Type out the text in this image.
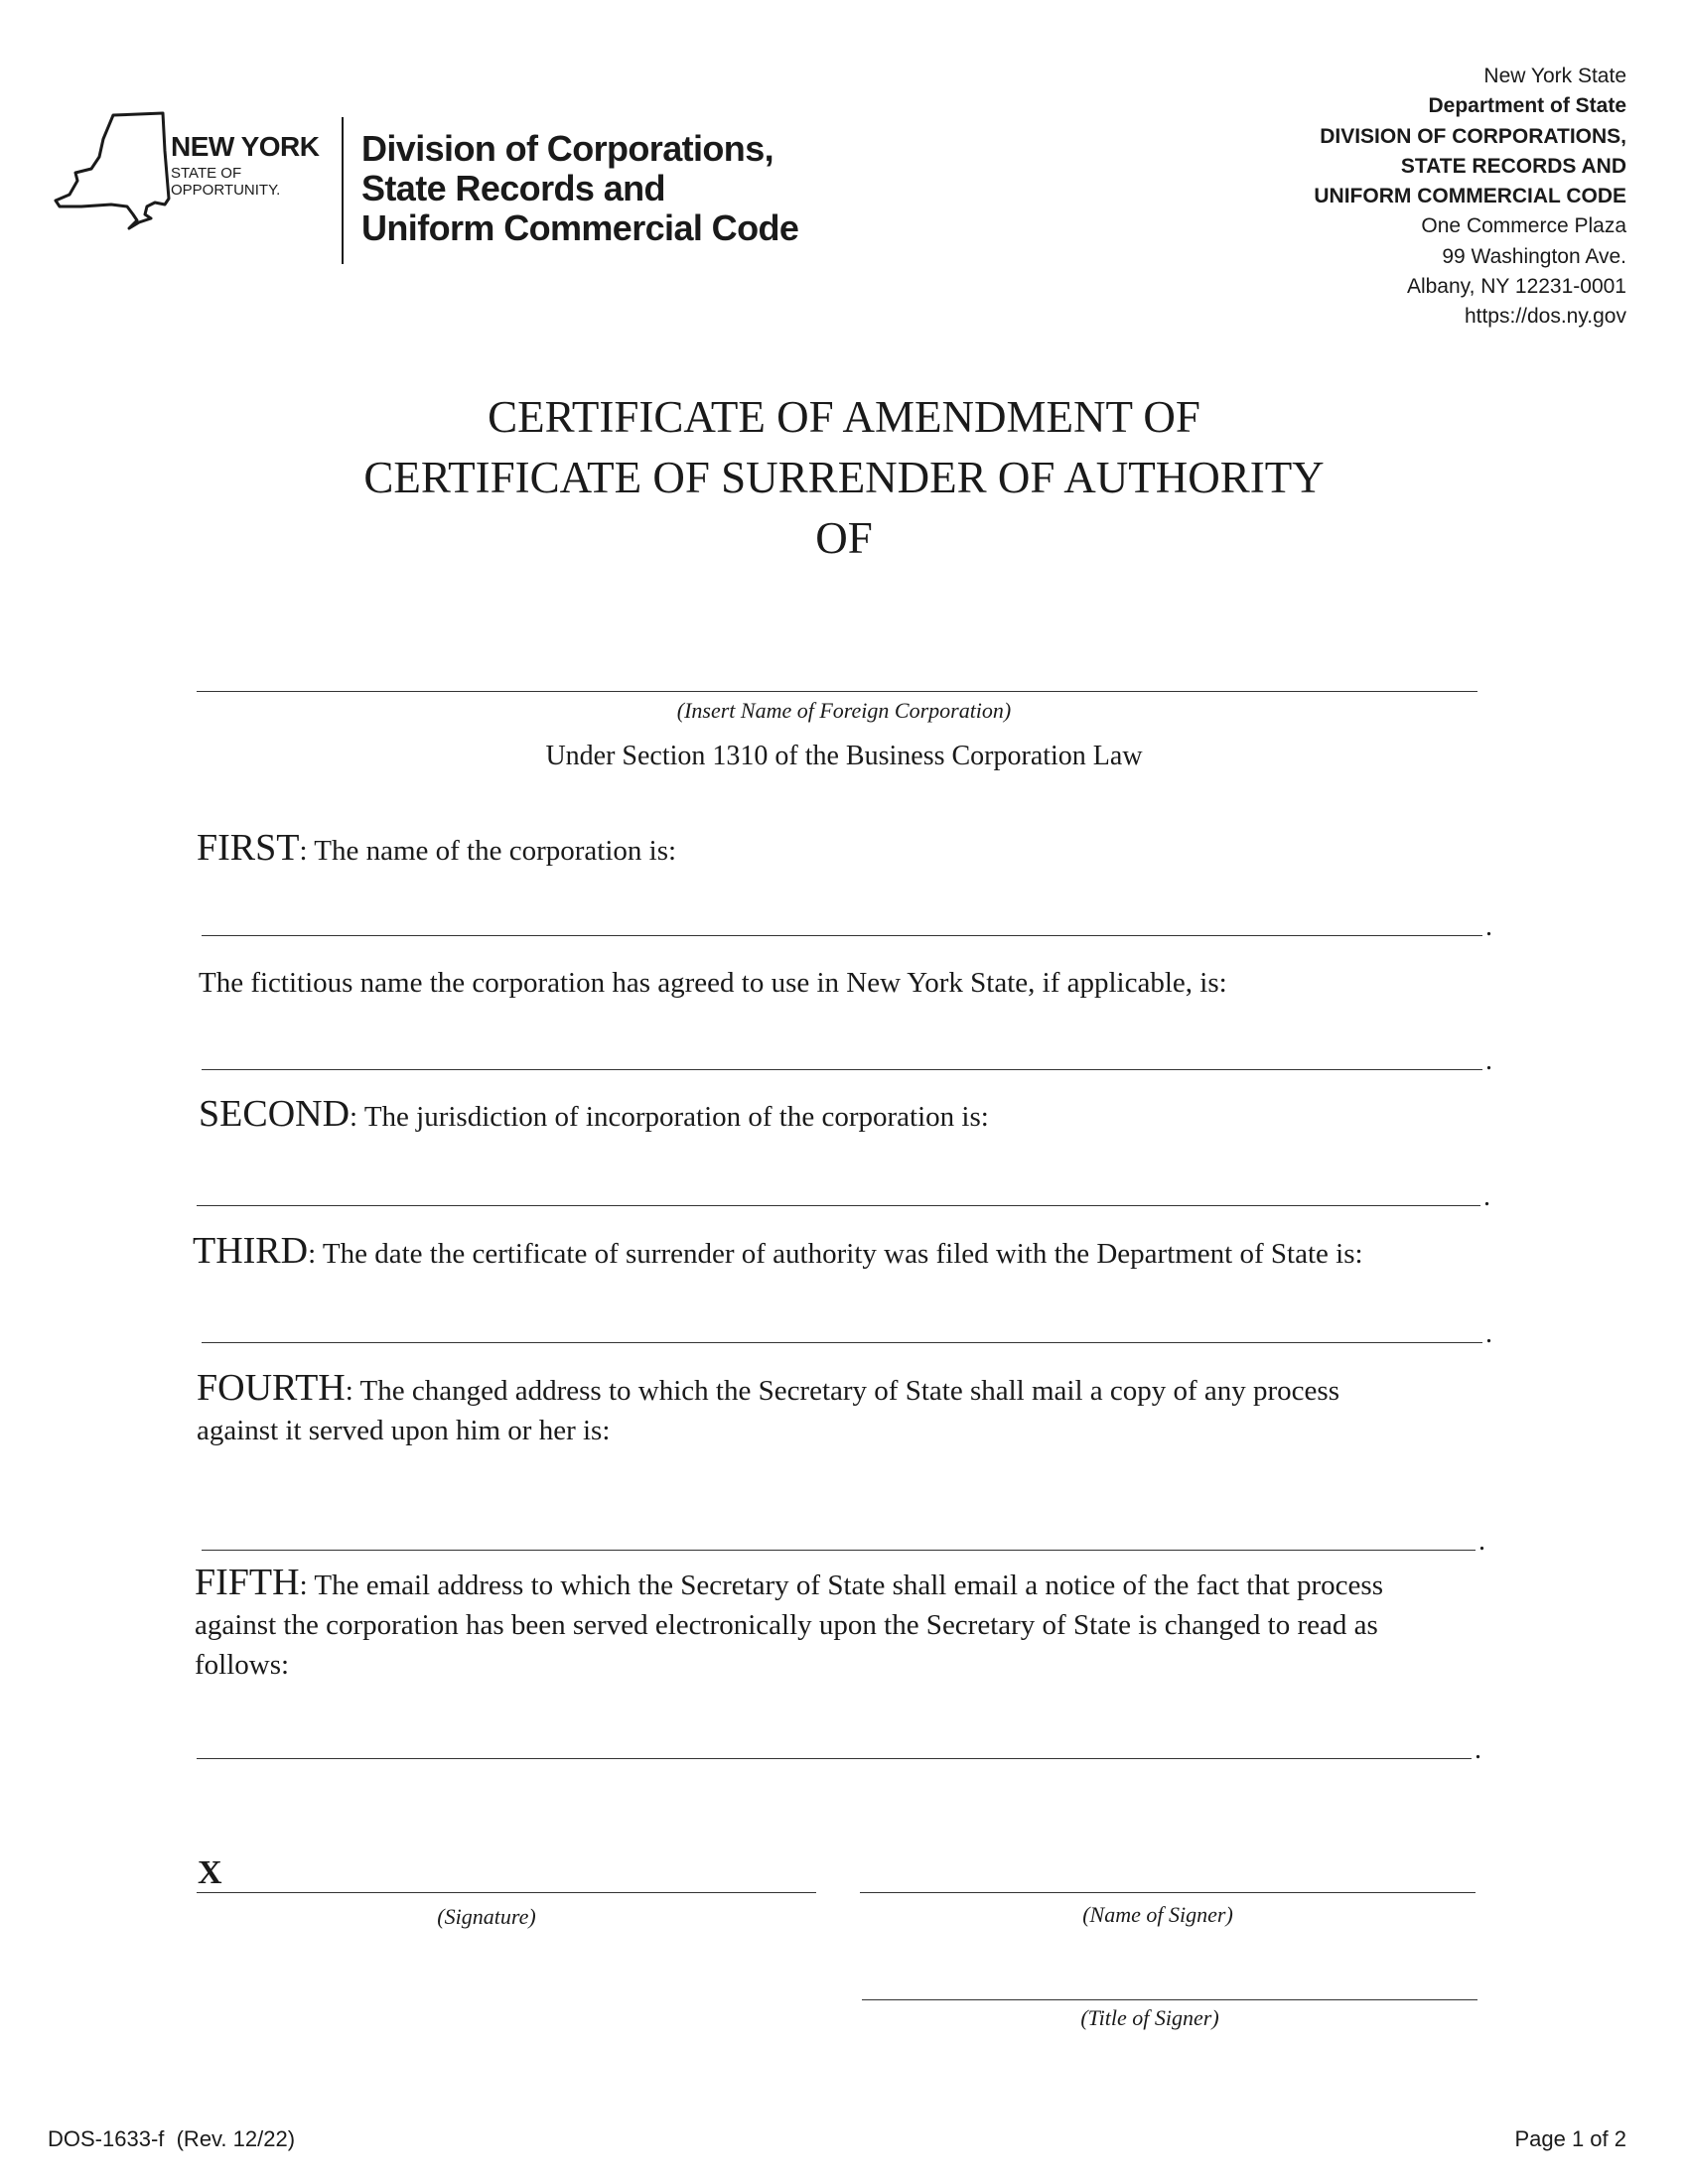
NEW YORK
STATE OF
OPPORTUNITY.
Division of Corporations,
State Records and
Uniform Commercial Code
New York State
Department of State
DIVISION OF CORPORATIONS,
STATE RECORDS AND
UNIFORM COMMERCIAL CODE
One Commerce Plaza
99 Washington Ave.
Albany, NY 12231-0001
https://dos.ny.gov
CERTIFICATE OF AMENDMENT OF
CERTIFICATE OF SURRENDER OF AUTHORITY
OF
(Insert Name of Foreign Corporation)
Under Section 1310 of the Business Corporation Law
FIRST: The name of the corporation is:
.
The fictitious name the corporation has agreed to use in New York State, if applicable, is:
.
SECOND: The jurisdiction of incorporation of the corporation is:
.
THIRD: The date the certificate of surrender of authority was filed with the Department of State is:
.
FOURTH: The changed address to which the Secretary of State shall mail a copy of any process
against it served upon him or her is:
.
FIFTH: The email address to which the Secretary of State shall email a notice of the fact that process
against the corporation has been served electronically upon the Secretary of State is changed to read as
follows:
.
X
(Signature)	(Name of Signer)
(Title of Signer)
DOS-1633-f  (Rev. 12/22)	Page 1 of 2
